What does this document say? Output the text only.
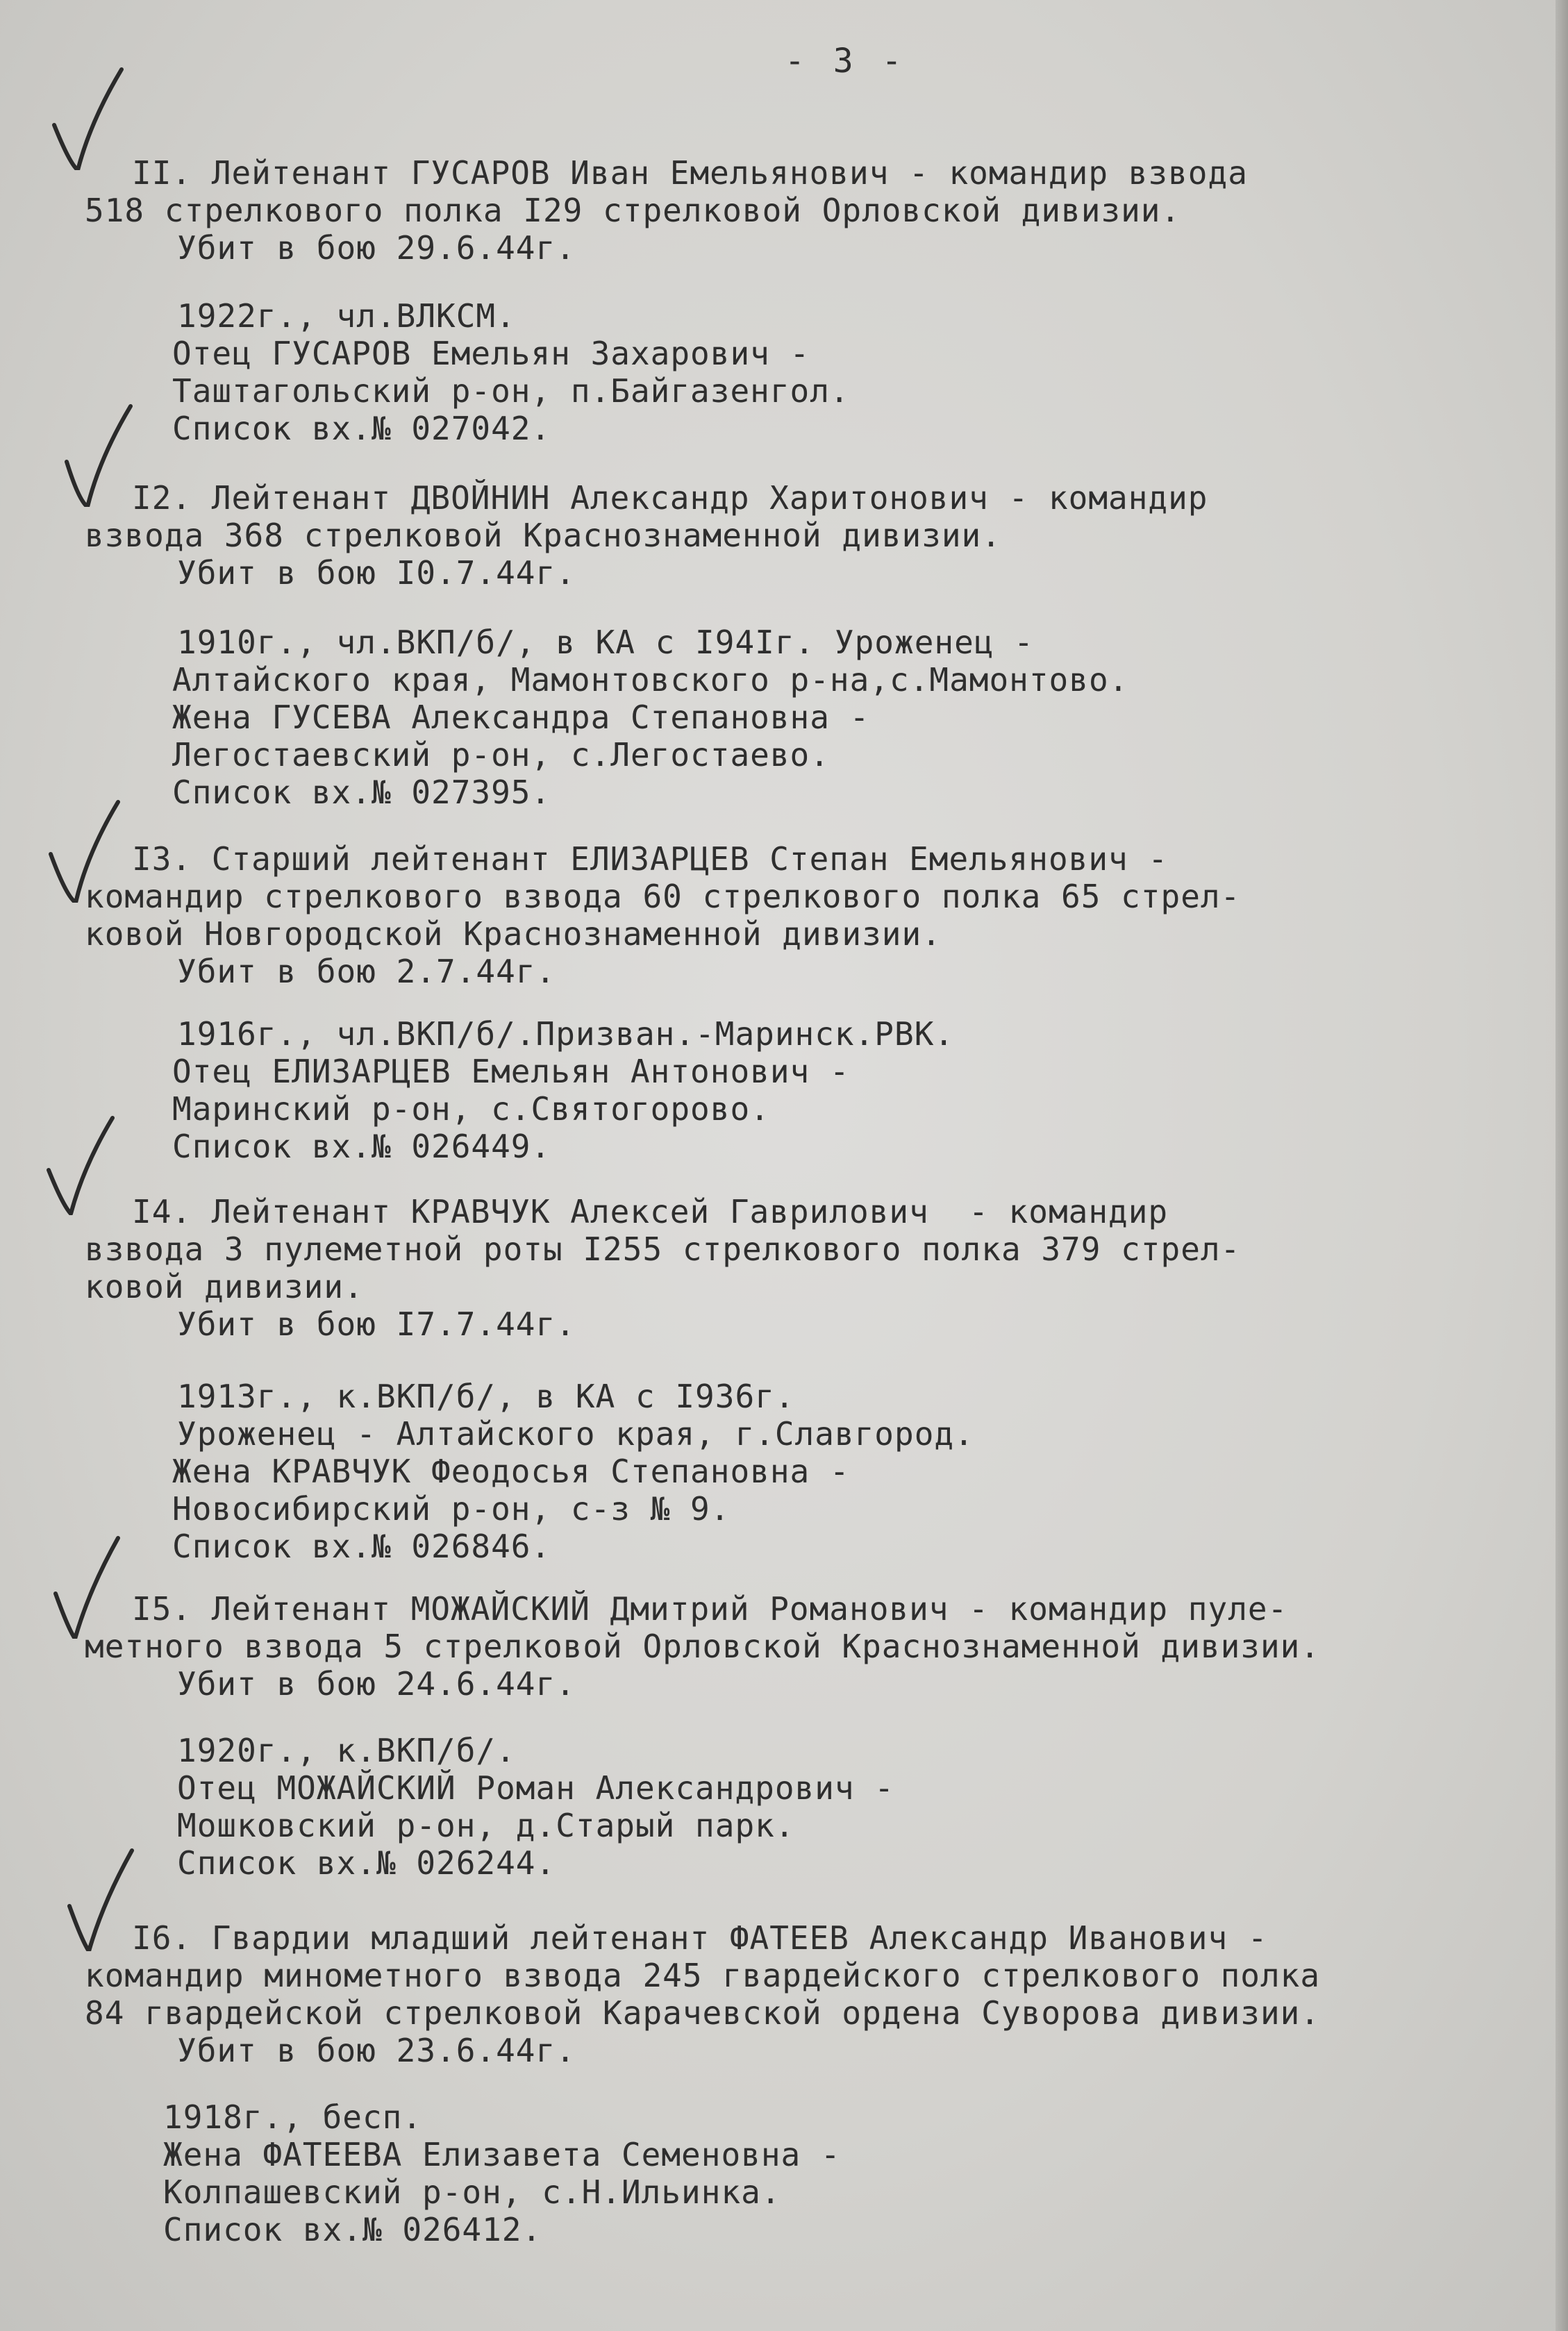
- 3 -
II. Лейтенант ГУСАРОВ Иван Емельянович - командир взвода
518 стрелкового полка I29 стрелковой Орловской дивизии.
Убит в бою 29.6.44г.
1922г., чл.ВЛКСМ.
Отец ГУСАРОВ Емельян Захарович -
Таштагольский р-он, п.Байгазенгол.
Список вх.№ 027042.
I2. Лейтенант ДВОЙНИН Александр Харитонович - командир
взвода 368 стрелковой Краснознаменной дивизии.
Убит в бою I0.7.44г.
1910г., чл.ВКП/б/, в КА с I94Iг. Уроженец -
Алтайского края, Мамонтовского р-на,с.Мамонтово.
Жена ГУСЕВА Александра Степановна -
Легостаевский р-он, с.Легостаево.
Список вх.№ 027395.
I3. Старший лейтенант ЕЛИЗАРЦЕВ Степан Емельянович -
командир стрелкового взвода 60 стрелкового полка 65 стрел-
ковой Новгородской Краснознаменной дивизии.
Убит в бою 2.7.44г.
1916г., чл.ВКП/б/.Призван.-Маринск.РВК.
Отец ЕЛИЗАРЦЕВ Емельян Антонович -
Маринский р-он, с.Святогорово.
Список вх.№ 026449.
I4. Лейтенант КРАВЧУК Алексей Гаврилович  - командир
взвода 3 пулеметной роты I255 стрелкового полка 379 стрел-
ковой дивизии.
Убит в бою I7.7.44г.
1913г., к.ВКП/б/, в КА с I936г.
Уроженец - Алтайского края, г.Славгород.
Жена КРАВЧУК Феодосья Степановна -
Новосибирский р-он, с-з № 9.
Список вх.№ 026846.
I5. Лейтенант МОЖАЙСКИЙ Дмитрий Романович - командир пуле-
метного взвода 5 стрелковой Орловской Краснознаменной дивизии.
Убит в бою 24.6.44г.
1920г., к.ВКП/б/.
Отец МОЖАЙСКИЙ Роман Александрович -
Мошковский р-он, д.Старый парк.
Список вх.№ 026244.
I6. Гвардии младший лейтенант ФАТЕЕВ Александр Иванович -
командир минометного взвода 245 гвардейского стрелкового полка
84 гвардейской стрелковой Карачевской ордена Суворова дивизии.
Убит в бою 23.6.44г.
1918г., бесп.
Жена ФАТЕЕВА Елизавета Семеновна -
Колпашевский р-он, с.Н.Ильинка.
Список вх.№ 026412.
